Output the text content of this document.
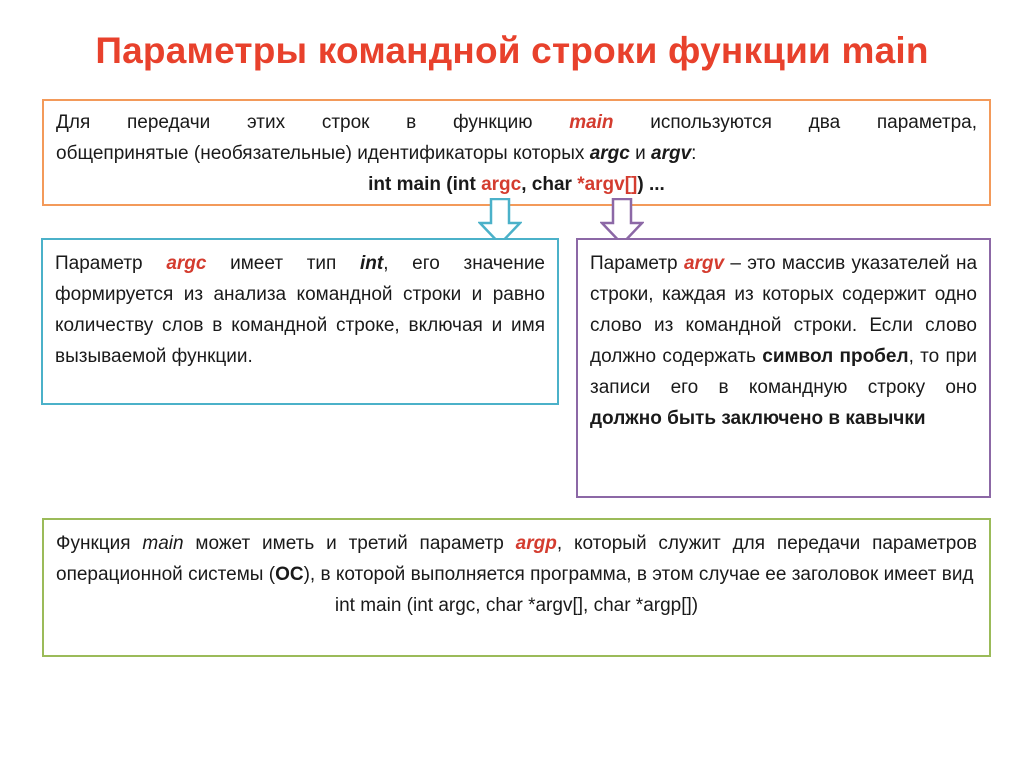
Параметры командной строки функции main
Для передачи этих строк в функцию main используются два параметра,
общепринятые (необязательные) идентификаторы которых argc и argv:
int main (int argc, char *argv[]) ...
Параметр argc имеет тип int, его значение формируется из анализа командной строки и равно количеству слов в командной строке, включая и имя вызываемой функции.
Параметр argv – это массив указателей на строки, каждая из которых содержит одно слово из командной строки. Если слово должно содержать символ пробел, то при записи его в командную строку оно должно быть заключено в кавычки
Функция main может иметь и третий параметр argp, который служит для передачи параметров операционной системы (ОС), в которой выполняется программа, в этом случае ее заголовок имеет вид
int main (int argc, char *argv[], char *argp[])
